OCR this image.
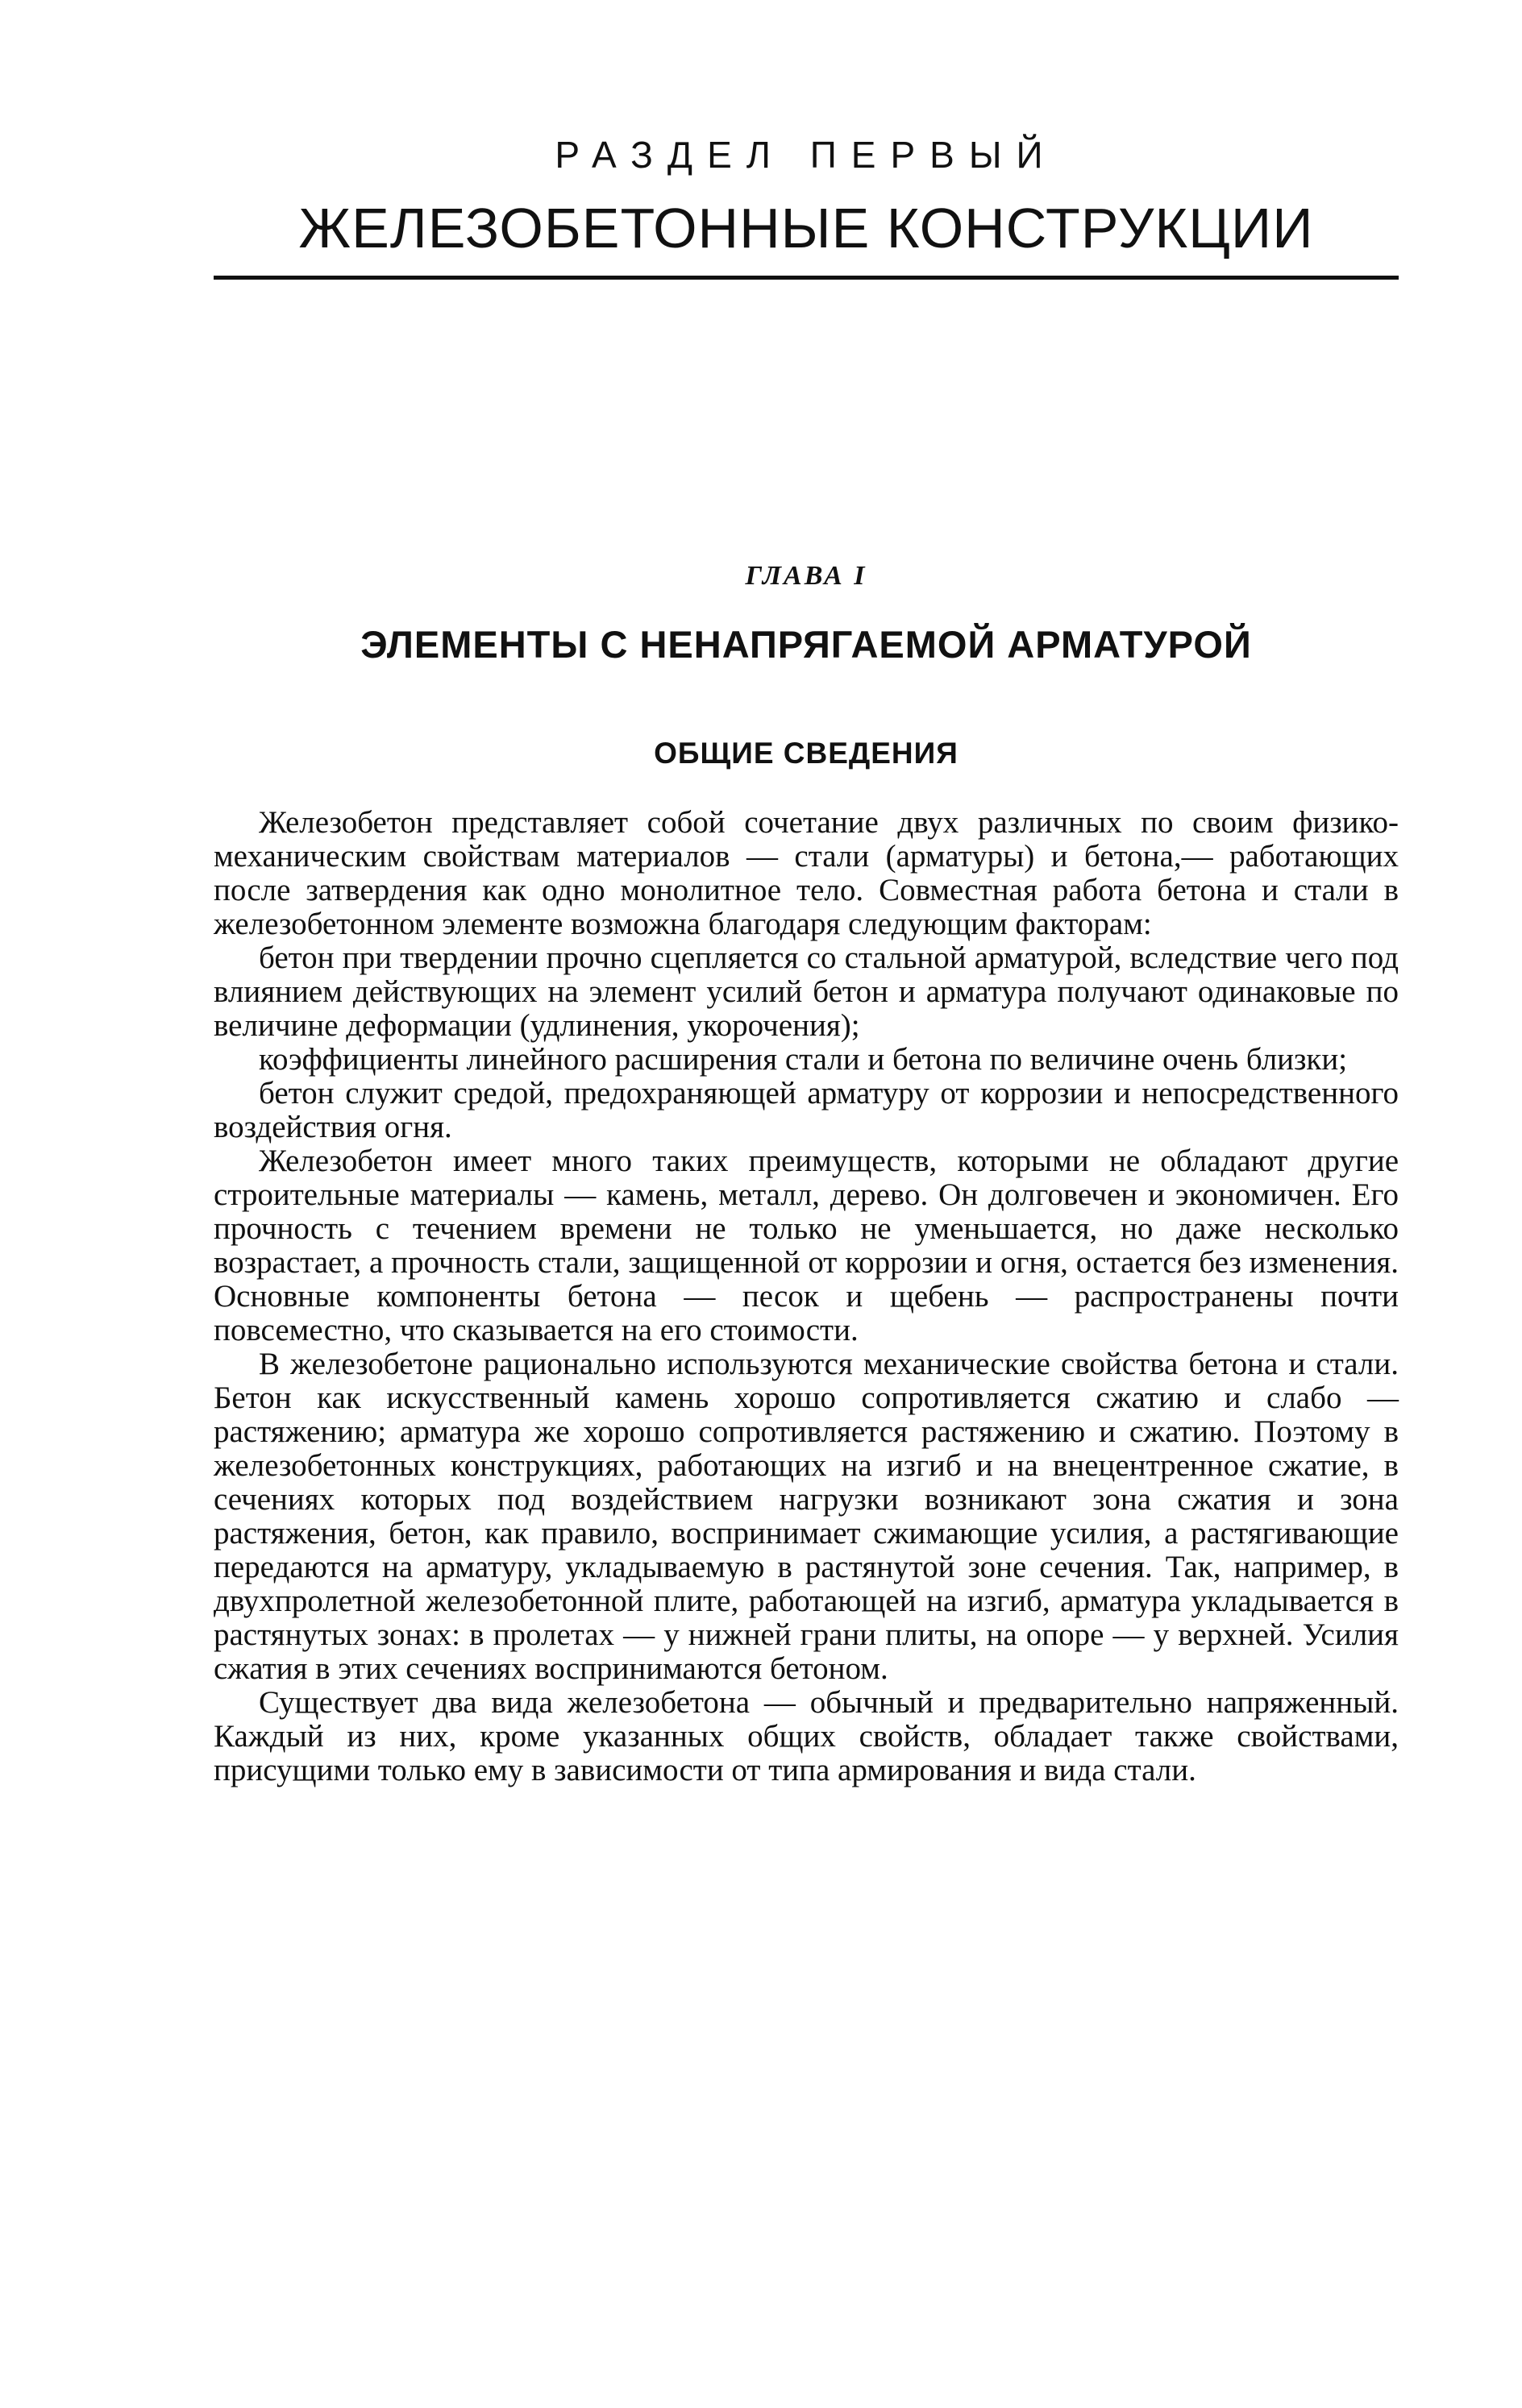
РАЗДЕЛ ПЕРВЫЙ
ЖЕЛЕЗОБЕТОННЫЕ КОНСТРУКЦИИ
ГЛАВА I
ЭЛЕМЕНТЫ С НЕНАПРЯГАЕМОЙ АРМАТУРОЙ
ОБЩИЕ СВЕДЕНИЯ

Железобетон представляет собой сочетание двух различных по своим физико-механическим свойствам материалов — стали (арматуры) и бетона,— работающих после затвердения как одно монолитное тело. Совместная работа бетона и стали в железобетонном элементе возможна благодаря следующим факторам:

бетон при твердении прочно сцепляется со стальной арматурой, вследствие чего под влиянием действующих на элемент усилий бетон и арматура получают одинаковые по величине деформации (удлинения, укорочения);

коэффициенты линейного расширения стали и бетона по величине очень близки;

бетон служит средой, предохраняющей арматуру от коррозии и непосредственного воздействия огня.

Железобетон имеет много таких преимуществ, которыми не обладают другие строительные материалы — камень, металл, дерево. Он долговечен и экономичен. Его прочность с течением времени не только не уменьшается, но даже несколько возрастает, а прочность стали, защищенной от коррозии и огня, остается без изменения. Основные компоненты бетона — песок и щебень — распространены почти повсеместно, что сказывается на его стоимости.

В железобетоне рационально используются механические свойства бетона и стали. Бетон как искусственный камень хорошо сопротивляется сжатию и слабо — растяжению; арматура же хорошо сопротивляется растяжению и сжатию. Поэтому в железобетонных конструкциях, работающих на изгиб и на внецентренное сжатие, в сечениях которых под воздействием нагрузки возникают зона сжатия и зона растяжения, бетон, как правило, воспринимает сжимающие усилия, а растягивающие передаются на арматуру, укладываемую в растянутой зоне сечения. Так, например, в двухпролетной железобетонной плите, работающей на изгиб, арматура укладывается в растянутых зонах: в пролетах — у нижней грани плиты, на опоре — у верхней. Усилия сжатия в этих сечениях воспринимаются бетоном.

Существует два вида железобетона — обычный и предварительно напряженный. Каждый из них, кроме указанных общих свойств, обладает также свойствами, присущими только ему в зависимости от типа армирования и вида стали.
